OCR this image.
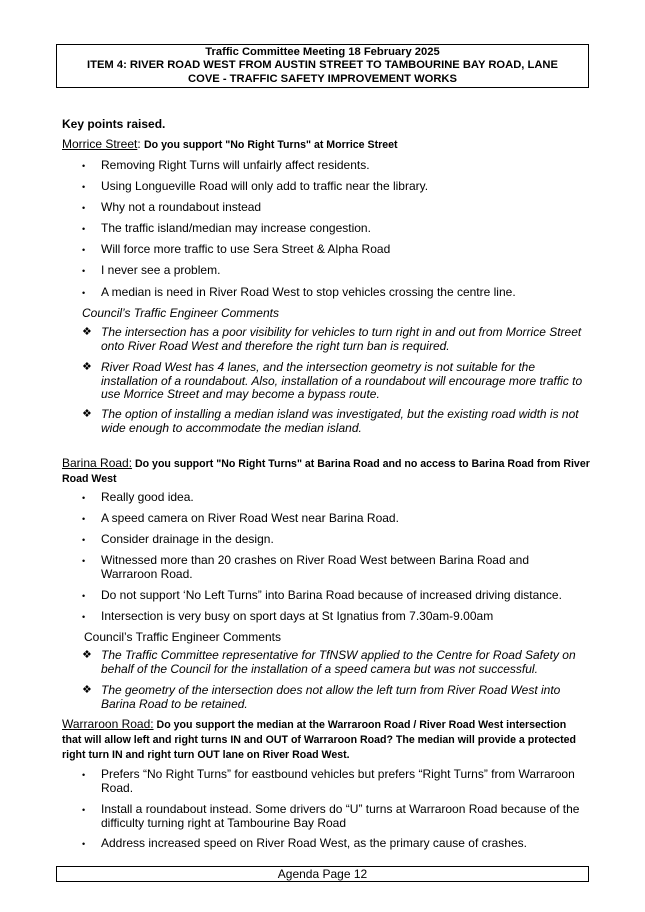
Traffic Committee Meeting 18 February 2025
ITEM 4: RIVER ROAD WEST FROM AUSTIN STREET TO TAMBOURINE BAY ROAD, LANE
COVE - TRAFFIC SAFETY IMPROVEMENT WORKS
Key points raised.
Morrice Street: Do you support "No Right Turns" at Morrice Street
• Removing Right Turns will unfairly affect residents.
• Using Longueville Road will only add to traffic near the library.
• Why not a roundabout instead
• The traffic island/median may increase congestion.
• Will force more traffic to use Sera Street & Alpha Road
• I never see a problem.
• A median is need in River Road West to stop vehicles crossing the centre line.
Council’s Traffic Engineer Comments
❖ The intersection has a poor visibility for vehicles to turn right in and out from Morrice Street onto River Road West and therefore the right turn ban is required.
❖ River Road West has 4 lanes, and the intersection geometry is not suitable for the installation of a roundabout. Also, installation of a roundabout will encourage more traffic to use Morrice Street and may become a bypass route.
❖ The option of installing a median island was investigated, but the existing road width is not wide enough to accommodate the median island.
Barina Road: Do you support "No Right Turns" at Barina Road and no access to Barina Road from River Road West
• Really good idea.
• A speed camera on River Road West near Barina Road.
• Consider drainage in the design.
• Witnessed more than 20 crashes on River Road West between Barina Road and Warraroon Road.
• Do not support ‘No Left Turns” into Barina Road because of increased driving distance.
• Intersection is very busy on sport days at St Ignatius from 7.30am-9.00am
Council’s Traffic Engineer Comments
❖ The Traffic Committee representative for TfNSW applied to the Centre for Road Safety on behalf of the Council for the installation of a speed camera but was not successful.
❖ The geometry of the intersection does not allow the left turn from River Road West into Barina Road to be retained.
Warraroon Road: Do you support the median at the Warraroon Road / River Road West intersection that will allow left and right turns IN and OUT of Warraroon Road? The median will provide a protected right turn IN and right turn OUT lane on River Road West.
• Prefers “No Right Turns” for eastbound vehicles but prefers “Right Turns” from Warraroon Road.
• Install a roundabout instead. Some drivers do “U” turns at Warraroon Road because of the difficulty turning right at Tambourine Bay Road
• Address increased speed on River Road West, as the primary cause of crashes.
Agenda Page 12
